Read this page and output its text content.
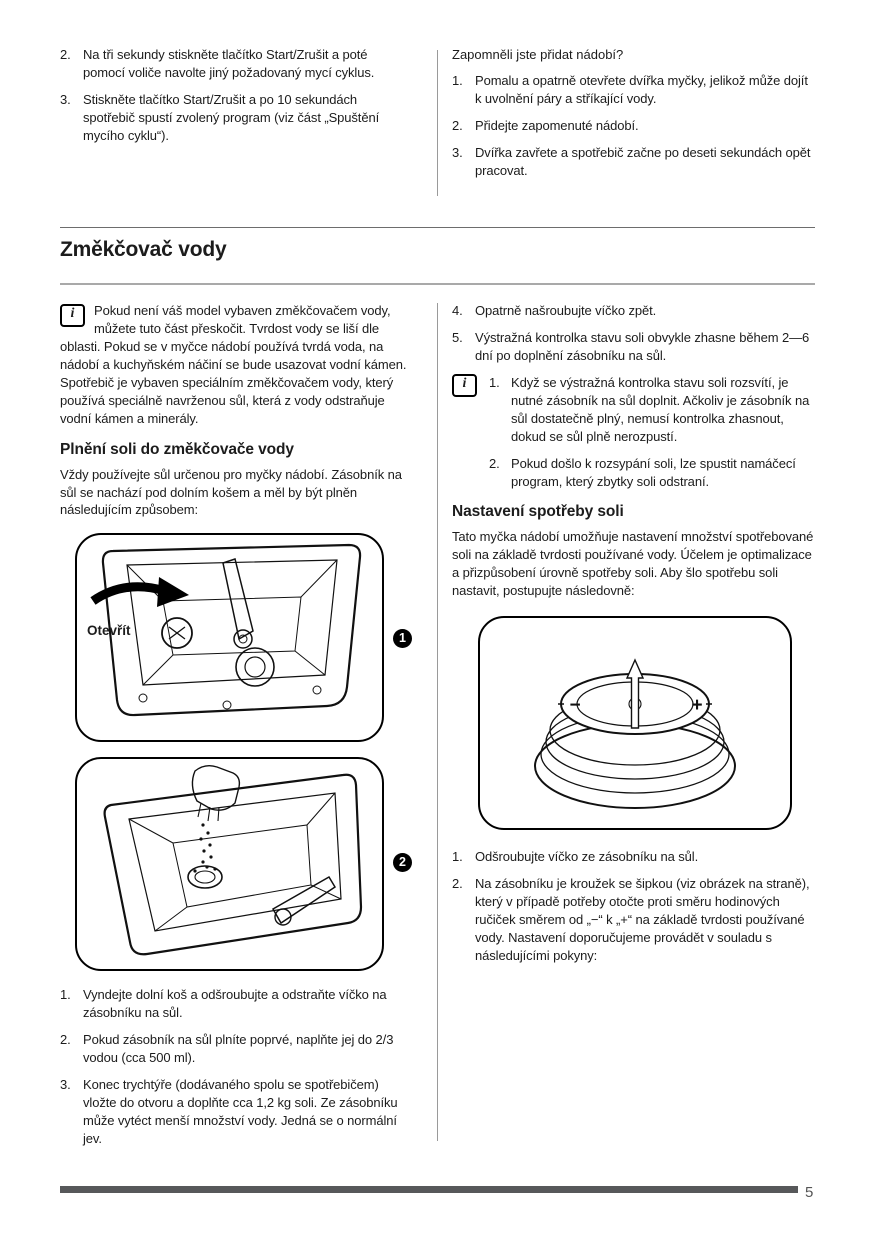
2. Na tři sekundy stiskněte tlačítko Start/Zrušit a poté pomocí voliče navolte jiný požadovaný mycí cyklus.
3. Stiskněte tlačítko Start/Zrušit a po 10 sekundách spotřebič spustí zvolený program (viz část „Spuštění mycího cyklu“).
Zapomněli jste přidat nádobí?
1. Pomalu a opatrně otevřete dvířka myčky, jelikož může dojít k uvolnění páry a stříkající vody.
2. Přidejte zapomenuté nádobí.
3. Dvířka zavřete a spotřebič začne po deseti sekundách opět pracovat.
Změkčovač vody
i	Pokud není váš model vybaven změkčovačem vody, můžete tuto část přeskočit. Tvrdost vody se liší dle oblasti. Pokud se v myčce nádobí používá tvrdá voda, na nádobí a kuchyňském náčiní se bude usazovat vodní kámen. Spotřebič je vybaven speciálním změkčovačem vody, který používá speciálně navrženou sůl, která z vody odstraňuje vodní kámen a minerály.

Plnění soli do změkčovače vody

Vždy používejte sůl určenou pro myčky nádobí. Zásobník na sůl se nachází pod dolním košem a měl by být plněn následujícím způsobem:

Otevřít	1
2
1. Vyndejte dolní koš a odšroubujte a odstraňte víčko na zásobníku na sůl.
2. Pokud zásobník na sůl plníte poprvé, naplňte jej do 2/3 vodou (cca 500 ml).
3. Konec trychtýře (dodávaného spolu se spotřebičem) vložte do otvoru a doplňte cca 1,2 kg soli. Ze zásobníku může vytéct menší množství vody. Jedná se o normální jev.
4. Opatrně našroubujte víčko zpět.
5. Výstražná kontrolka stavu soli obvykle zhasne během 2—6 dní po doplnění zásobníku na sůl.
i	1. Když se výstražná kontrolka stavu soli rozsvítí, je nutné zásobník na sůl doplnit. Ačkoliv je zásobník na sůl dostatečně plný, nemusí kontrolka zhasnout, dokud se sůl plně nerozpustí.
2. Pokud došlo k rozsypání soli, lze spustit namáčecí program, který zbytky soli odstraní.
Nastavení spotřeby soli

Tato myčka nádobí umožňuje nastavení množství spotřebované soli na základě tvrdosti používané vody. Účelem je optimalizace a přizpůsobení úrovně spotřeby soli. Aby šlo spotřebu soli nastavit, postupujte následovně:

−	+
1. Odšroubujte víčko ze zásobníku na sůl.
2. Na zásobníku je kroužek se šipkou (viz obrázek na straně), který v případě potřeby otočte proti směru hodinových ručiček směrem od „−“ k „+“ na základě tvrdosti používané vody. Nastavení doporučujeme provádět v souladu s následujícími pokyny:
5
